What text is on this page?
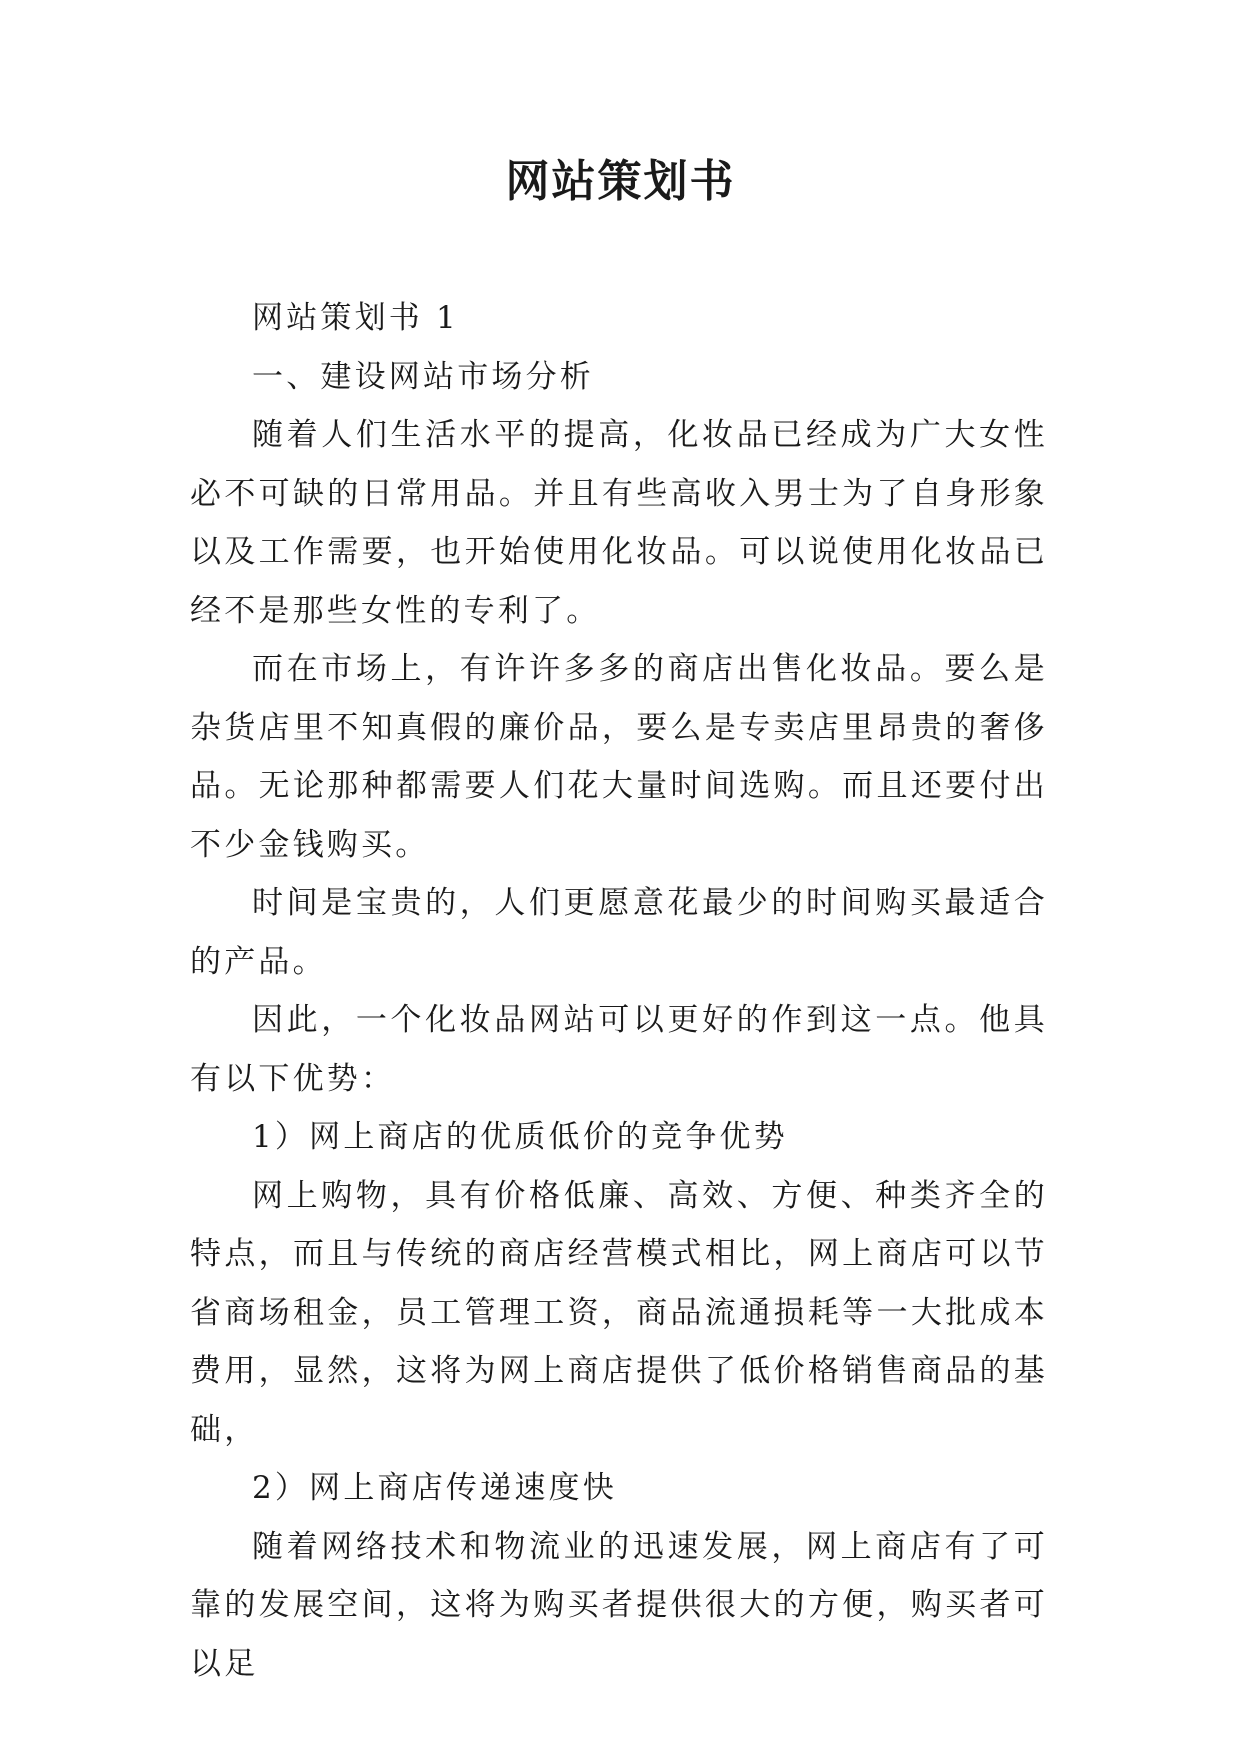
网站策划书

网站策划书 1

一、建设网站市场分析

随着人们生活水平的提高，化妆品已经成为广大女性必不可缺的日常用品。并且有些高收入男士为了自身形象以及工作需要，也开始使用化妆品。可以说使用化妆品已经不是那些女性的专利了。

而在市场上，有许许多多的商店出售化妆品。要么是杂货店里不知真假的廉价品，要么是专卖店里昂贵的奢侈品。无论那种都需要人们花大量时间选购。而且还要付出不少金钱购买。

时间是宝贵的，人们更愿意花最少的时间购买最适合的产品。

因此，一个化妆品网站可以更好的作到这一点。他具有以下优势：

1）网上商店的优质低价的竞争优势

网上购物，具有价格低廉、高效、方便、种类齐全的特点，而且与传统的商店经营模式相比，网上商店可以节省商场租金，员工管理工资，商品流通损耗等一大批成本费用，显然，这将为网上商店提供了低价格销售商品的基础，

2）网上商店传递速度快

随着网络技术和物流业的迅速发展，网上商店有了可靠的发展空间，这将为购买者提供很大的方便，购买者可以足
